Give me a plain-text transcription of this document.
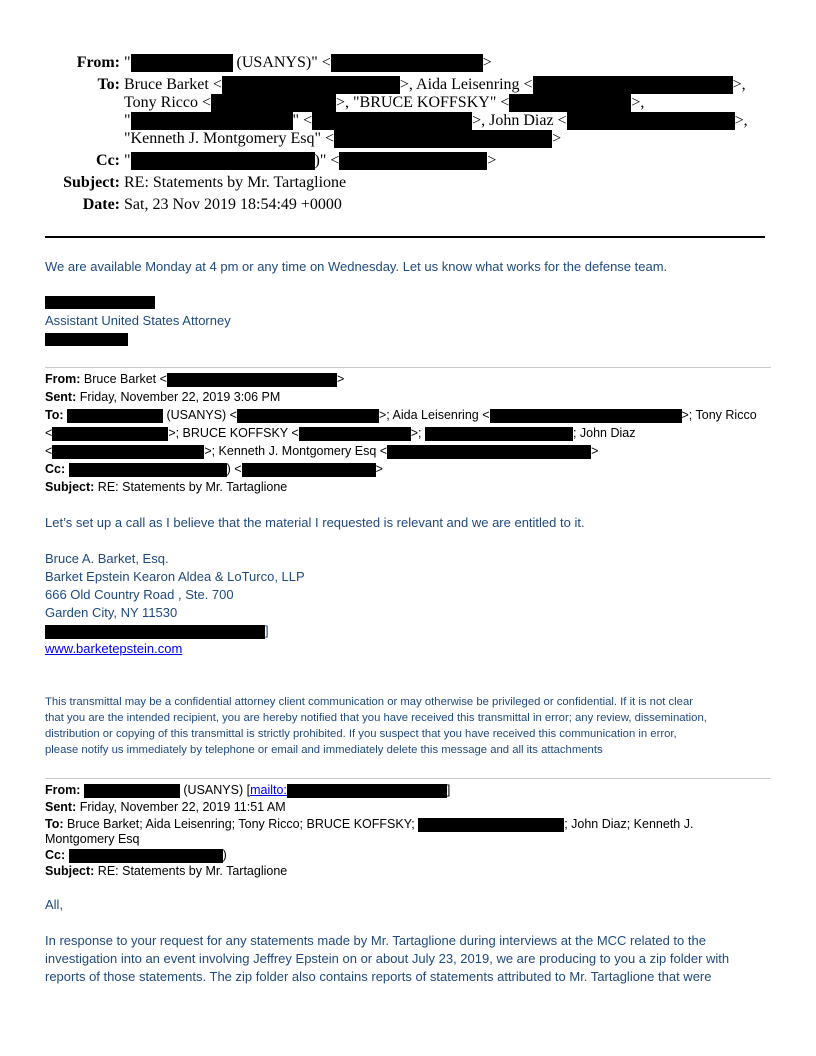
From: "	(USANYS)" <	>
To: Bruce Barket <	>, Aida Leisenring <	>,
Tony Ricco <	>, "BRUCE KOFFSKY" <	>,
"	" <	>, John Diaz <	>,
"Kenneth J. Montgomery Esq" <	>
Cc: "	)" <	>
Subject: RE: Statements by Mr. Tartaglione
Date: Sat, 23 Nov 2019 18:54:49 +0000
We are available Monday at 4 pm or any time on Wednesday. Let us know what works for the defense team.
Assistant United States Attorney
From: Bruce Barket <	>
Sent: Friday, November 22, 2019 3:06 PM
To:	(USANYS) <	>; Aida Leisenring <	>; Tony Ricco
<	>; BRUCE KOFFSKY <	>;	; John Diaz
<	>; Kenneth J. Montgomery Esq <	>
Cc:	) <	>
Subject: RE: Statements by Mr. Tartaglione
Let’s set up a call as I believe that the material I requested is relevant and we are entitled to it.
Bruce A. Barket, Esq.
Barket Epstein Kearon Aldea & LoTurco, LLP
666 Old Country Road , Ste. 700
Garden City, NY 11530
]
www.barketepstein.com
This transmittal may be a confidential attorney client communication or may otherwise be privileged or confidential. If it is not clear
that you are the intended recipient, you are hereby notified that you have received this transmittal in error; any review, dissemination,
distribution or copying of this transmittal is strictly prohibited. If you suspect that you have received this communication in error,
please notify us immediately by telephone or email and immediately delete this message and all its attachments
From:	(USANYS) [mailto:	]
Sent: Friday, November 22, 2019 11:51 AM
To: Bruce Barket; Aida Leisenring; Tony Ricco; BRUCE KOFFSKY;	; John Diaz; Kenneth J.
Montgomery Esq
Cc:	)
Subject: RE: Statements by Mr. Tartaglione
All,
In response to your request for any statements made by Mr. Tartaglione during interviews at the MCC related to the
investigation into an event involving Jeffrey Epstein on or about July 23, 2019, we are producing to you a zip folder with
reports of those statements. The zip folder also contains reports of statements attributed to Mr. Tartaglione that were
